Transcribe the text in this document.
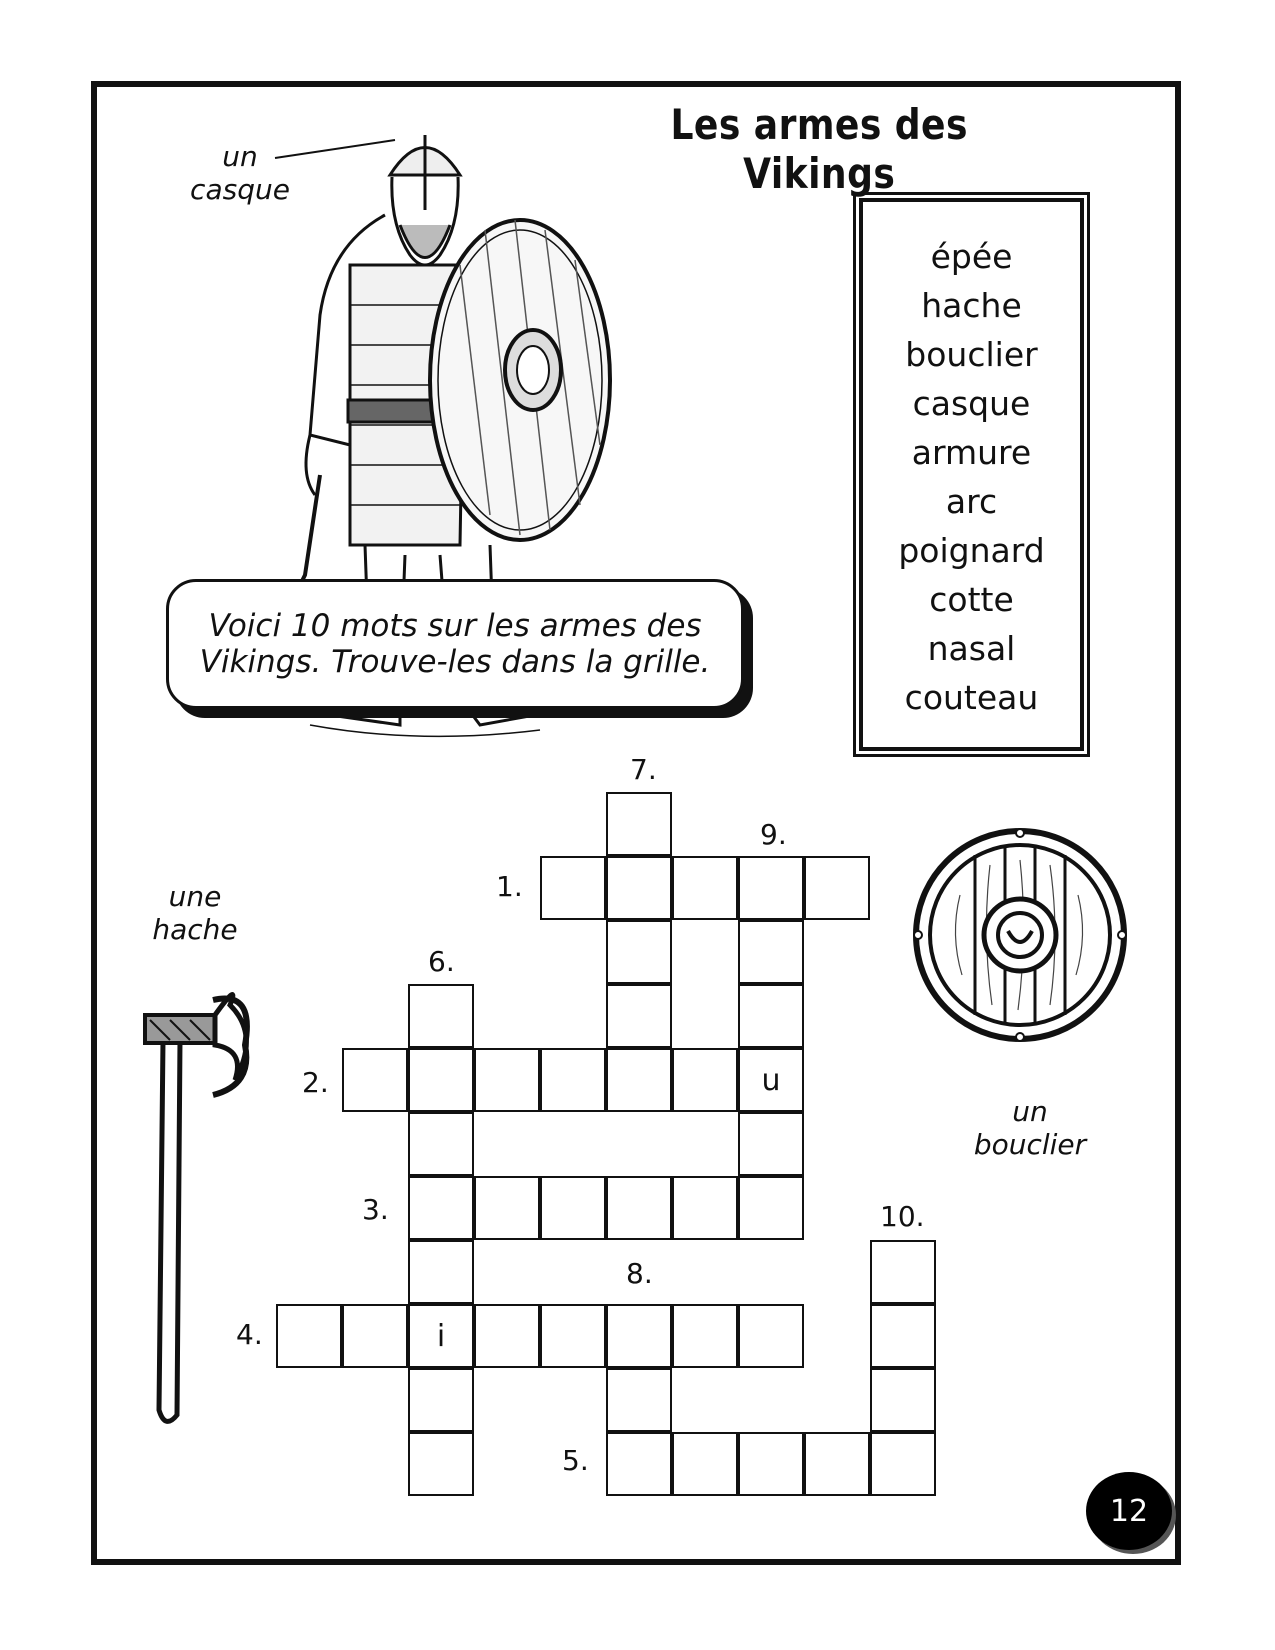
Les armes des Vikings
un
casque
épée
hache
bouclier
casque
armure
arc
poignard
cotte
nasal
couteau
Voici 10 mots sur les armes des Vikings. Trouve-les dans la grille.
une
hache
un
bouclier
u
i
1.
2.
3.
4.
5.
6.
7.
8.
9.
10.
12
